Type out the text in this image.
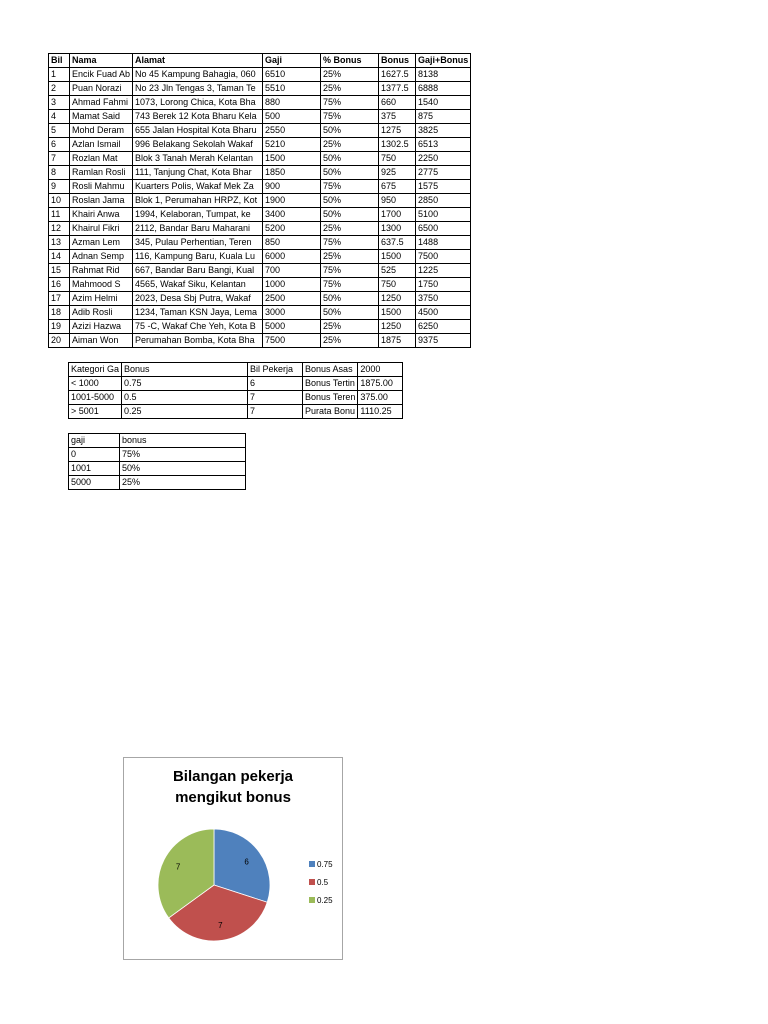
Bil	Nama	Alamat	Gaji	% Bonus	Bonus	Gaji+Bonus
1	Encik Fuad Ab	No 45 Kampung Bahagia, 060	6510	25%	1627.5	8138
2	Puan Norazi	No 23 Jln Tengas 3, Taman Te	5510	25%	1377.5	6888
3	Ahmad Fahmi	1073, Lorong Chica, Kota Bha	880	75%	660	1540
4	Mamat Said	743 Berek 12 Kota Bharu Kela	500	75%	375	875
5	Mohd Deram	655 Jalan Hospital Kota Bharu	2550	50%	1275	3825
6	Azlan Ismail	996 Belakang Sekolah Wakaf	5210	25%	1302.5	6513
7	Rozlan Mat	Blok 3 Tanah Merah Kelantan	1500	50%	750	2250
8	Ramlan Rosli	111, Tanjung Chat, Kota Bhar	1850	50%	925	2775
9	Rosli Mahmu	Kuarters Polis, Wakaf Mek Za	900	75%	675	1575
10	Roslan Jama	Blok 1, Perumahan HRPZ, Kot	1900	50%	950	2850
11	Khairi Anwa	1994, Kelaboran, Tumpat, ke	3400	50%	1700	5100
12	Khairul Fikri	2112, Bandar Baru Maharani	5200	25%	1300	6500
13	Azman Lem	345, Pulau Perhentian, Teren	850	75%	637.5	1488
14	Adnan Semp	116, Kampung Baru, Kuala Lu	6000	25%	1500	7500
15	Rahmat Rid	667, Bandar Baru Bangi, Kual	700	75%	525	1225
16	Mahmood S	4565, Wakaf Siku, Kelantan	1000	75%	750	1750
17	Azim Helmi	2023, Desa Sbj Putra, Wakaf	2500	50%	1250	3750
18	Adib Rosli	1234, Taman KSN Jaya, Lema	3000	50%	1500	4500
19	Azizi Hazwa	75 -C, Wakaf Che Yeh, Kota B	5000	25%	1250	6250
20	Aiman Won	Perumahan Bomba, Kota Bha	7500	25%	1875	9375
Kategori Ga	Bonus	Bil Pekerja	Bonus Asas	2000
< 1000	0.75	6	Bonus Tertin	1875.00
1001-5000	0.5	7	Bonus Teren	375.00
> 5001	0.25	7	Purata Bonu	1110.25
gaji	bonus
0	75%
1001	50%
5000	25%
Bilangan pekerja
mengikut bonus
6
7
7	0.75
0.5
0.25
